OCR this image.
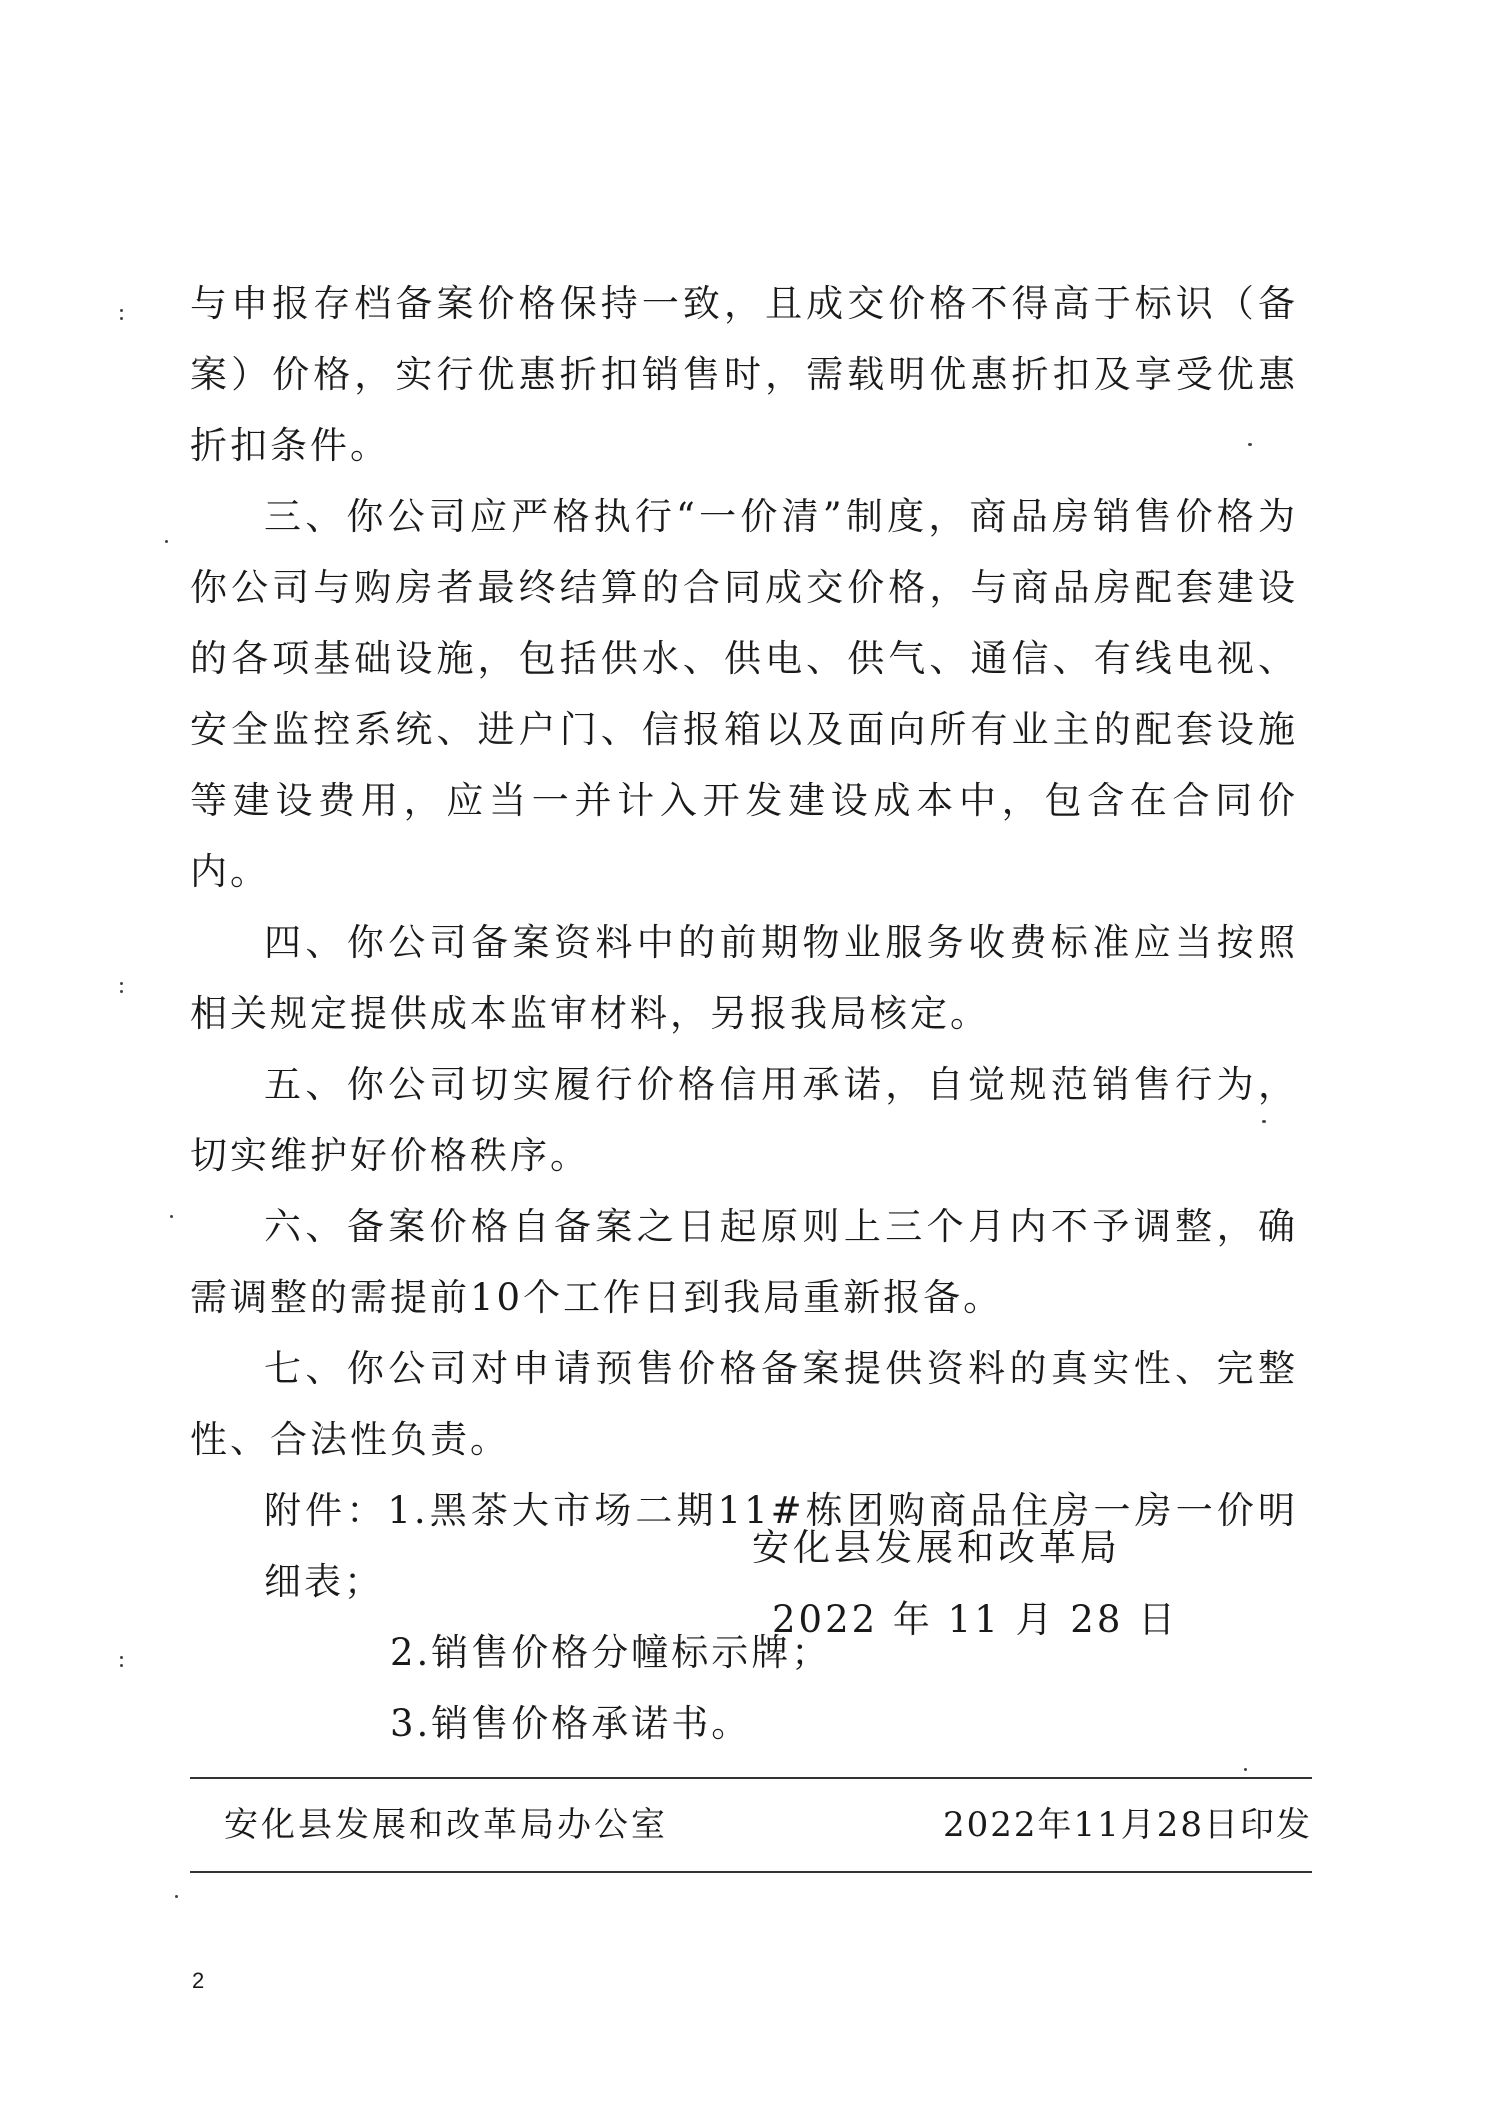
与申报存档备案价格保持一致，且成交价格不得高于标识（备案）价格，实行优惠折扣销售时，需载明优惠折扣及享受优惠折扣条件。

三、你公司应严格执行“一价清”制度，商品房销售价格为你公司与购房者最终结算的合同成交价格，与商品房配套建设的各项基础设施，包括供水、供电、供气、通信、有线电视、安全监控系统、进户门、信报箱以及面向所有业主的配套设施等建设费用，应当一并计入开发建设成本中，包含在合同价内。

四、你公司备案资料中的前期物业服务收费标准应当按照相关规定提供成本监审材料，另报我局核定。

五、你公司切实履行价格信用承诺，自觉规范销售行为，切实维护好价格秩序。

六、备案价格自备案之日起原则上三个月内不予调整，确需调整的需提前10个工作日到我局重新报备。

七、你公司对申请预售价格备案提供资料的真实性、完整性、合法性负责。

附件：1.黑茶大市场二期11#栋团购商品住房一房一价明细表；

2.销售价格分幢标示牌；

3.销售价格承诺书。

安化县发展和改革局
2022 年 11 月 28 日
安化县发展和改革局办公室	2022年11月28日印发
2
